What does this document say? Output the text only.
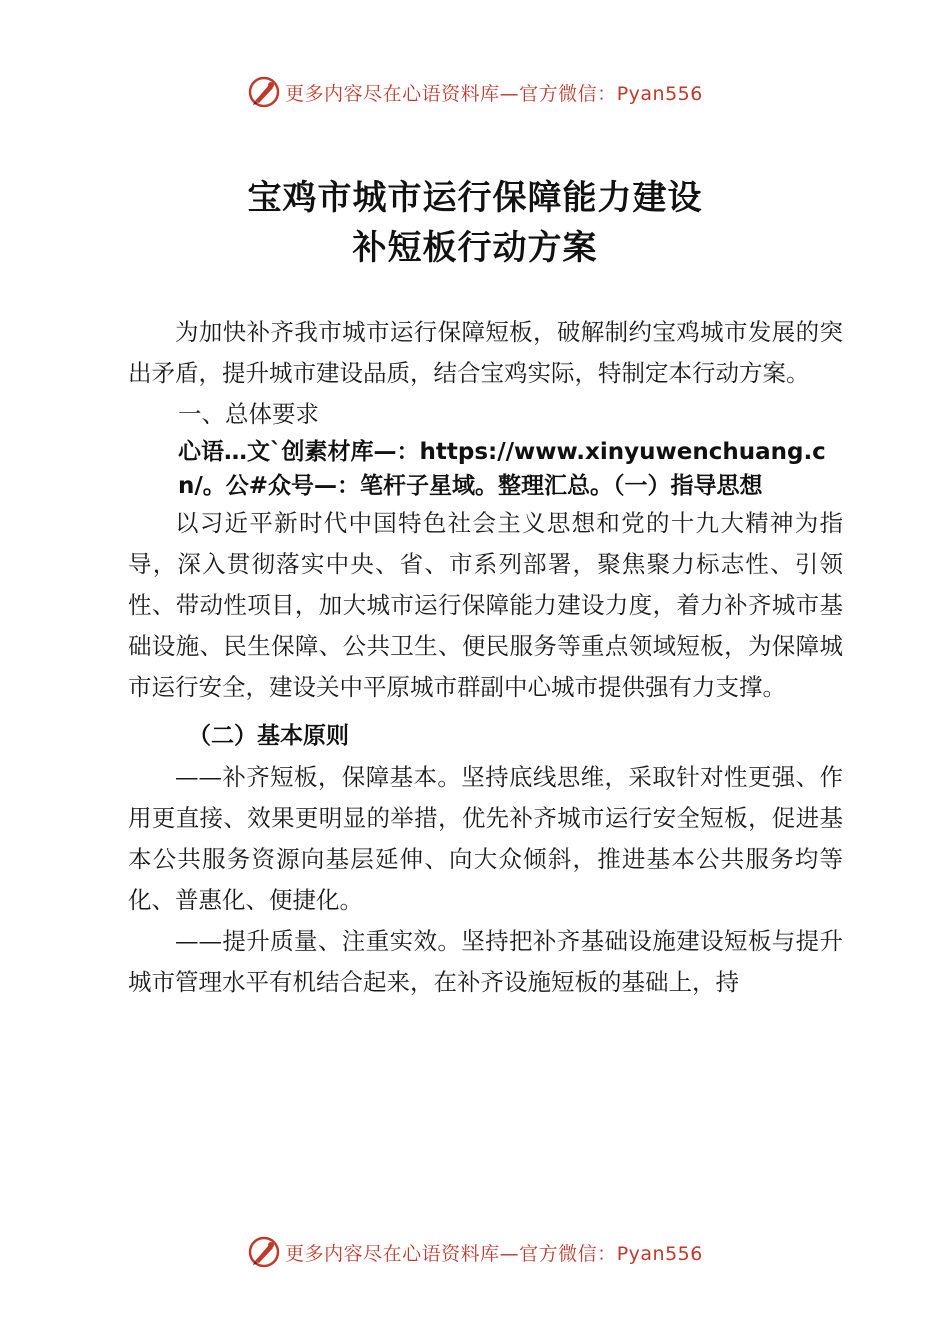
更多内容尽在心语资料库—官方微信：Pyan556
宝鸡市城市运行保障能力建设
补短板行动方案

为加快补齐我市城市运行保障短板，破解制约宝鸡城市发展的突出矛盾，提升城市建设品质，结合宝鸡实际，特制定本行动方案。

一、总体要求

心语…文`创素材库—：https://www.xinyuwenchuang.cn/。公#众号—：笔杆子星域。整理汇总。（一）指导思想

以习近平新时代中国特色社会主义思想和党的十九大精神为指导，深入贯彻落实中央、省、市系列部署，聚焦聚力标志性、引领性、带动性项目，加大城市运行保障能力建设力度，着力补齐城市基础设施、民生保障、公共卫生、便民服务等重点领域短板，为保障城市运行安全，建设关中平原城市群副中心城市提供强有力支撑。

（二）基本原则

——补齐短板，保障基本。坚持底线思维，采取针对性更强、作用更直接、效果更明显的举措，优先补齐城市运行安全短板，促进基本公共服务资源向基层延伸、向大众倾斜，推进基本公共服务均等化、普惠化、便捷化。

——提升质量、注重实效。坚持把补齐基础设施建设短板与提升城市管理水平有机结合起来，在补齐设施短板的基础上，持

更多内容尽在心语资料库—官方微信：Pyan556
